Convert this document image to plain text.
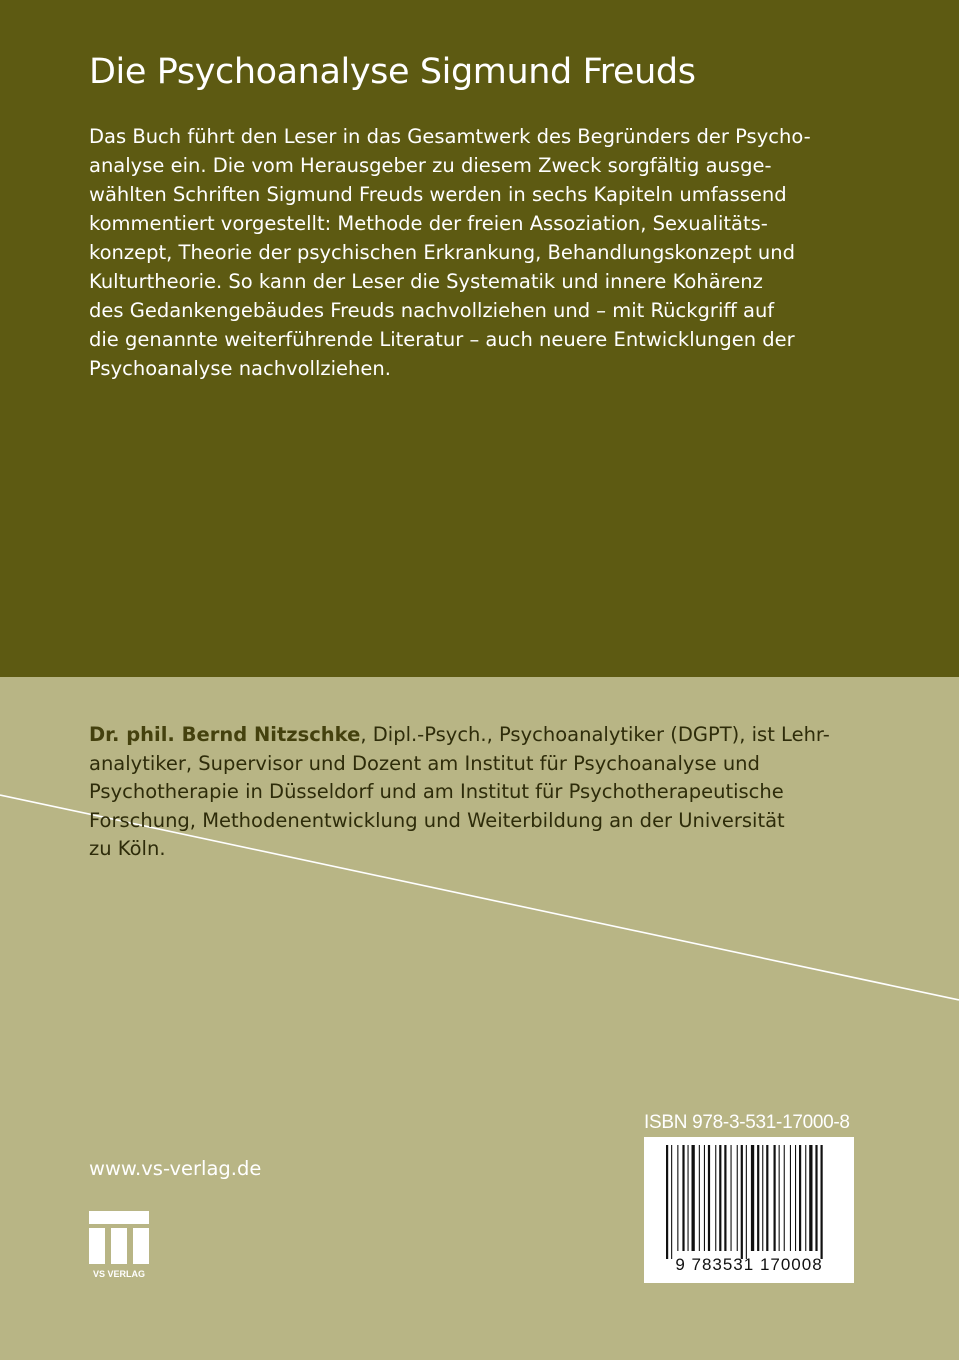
Die Psychoanalyse Sigmund Freuds

Das Buch führt den Leser in das Gesamtwerk des Begründers der Psycho-
analyse ein. Die vom Herausgeber zu diesem Zweck sorgfältig ausge-
wählten Schriften Sigmund Freuds werden in sechs Kapiteln umfassend
kommentiert vorgestellt: Methode der freien Assoziation, Sexualitäts-
konzept, Theorie der psychischen Erkrankung, Behandlungskonzept und
Kulturtheorie. So kann der Leser die Systematik und innere Kohärenz
des Gedankengebäudes Freuds nachvollziehen und – mit Rückgriff auf
die genannte weiterführende Literatur – auch neuere Entwicklungen der
Psychoanalyse nachvollziehen.

Dr. phil. Bernd Nitzschke, Dipl.-Psych., Psychoanalytiker (DGPT), ist Lehr-
analytiker, Supervisor und Dozent am Institut für Psychoanalyse und
Psychotherapie in Düsseldorf und am Institut für Psychotherapeutische
Forschung, Methodenentwicklung und Weiterbildung an der Universität
zu Köln.
www.vs-verlag.de
VS VERLAG
ISBN 978-3-531-17000-8
9 783531 170008
